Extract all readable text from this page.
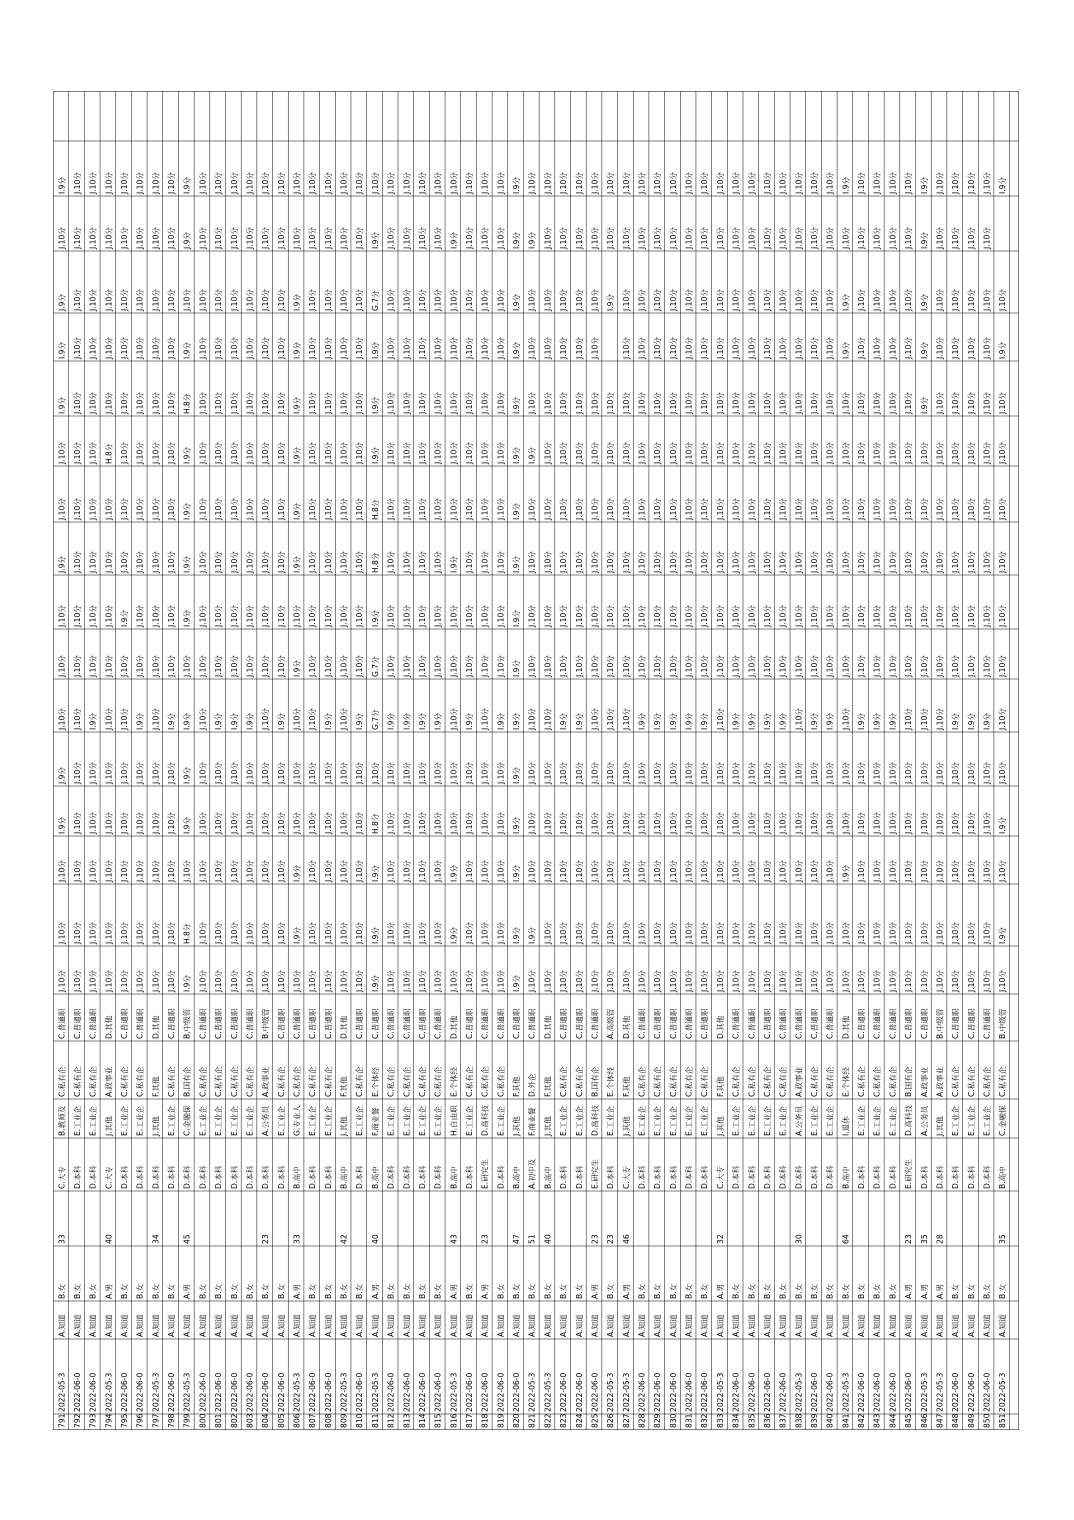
791
2022-05-3
A.知道
B.女
33
C.大专
B.教师及
C.私有企
C.普通职
J.10分
J.10分
J.10分
I.9分
J.9分
J.10分
J.10分
J.10分
J.9分
J.10分
J.10分
I.9分
I.9分
J.9分
J.10分
I.9分
792
2022-06-0
A.知道
B.女
D.本科
E.工业企
C.私有企
C.普通职
J.10分
J.10分
J.10分
J.10分
J.10分
J.10分
J.10分
J.10分
J.10分
J.10分
J.10分
J.10分
J.10分
J.10分
J.10分
J.10分
793
2022-06-0
A.知道
B.女
D.本科
E.工业企
C.私有企
C.普通职
J.10分
J.10分
J.10分
J.10分
J.10分
I.9分
J.10分
J.10分
J.10分
J.10分
J.10分
J.10分
J.10分
J.10分
J.10分
J.10分
794
2022-05-3
A.知道
A.男
40
C.大专
J.其他
A.政事业
D.其他
J.10分
J.10分
J.10分
J.10分
J.10分
J.10分
J.10分
J.10分
J.10分
J.10分
H.8分
J.10分
J.10分
J.10分
J.10分
J.10分
795
2022-06-0
A.知道
B.女
D.本科
E.工业企
C.私有企
C.普通职
J.10分
J.10分
J.10分
J.10分
J.10分
J.10分
J.10分
I.9分
J.10分
J.10分
J.10分
J.10分
J.10分
J.10分
J.10分
J.10分
796
2022-06-0
A.知道
B.女
D.本科
E.工业企
C.私有企
C.普通职
J.10分
J.10分
J.10分
J.10分
J.10分
I.9分
J.10分
J.10分
J.10分
J.10分
J.10分
J.10分
J.10分
J.10分
J.10分
J.10分
797
2022-05-3
A.知道
B.女
34
D.本科
J.其他
F.其他
D.其他
J.10分
J.10分
J.10分
J.10分
J.10分
J.10分
J.10分
J.10分
J.10分
J.10分
J.10分
J.10分
J.10分
J.10分
J.10分
J.10分
798
2022-06-0
A.知道
B.女
D.本科
E.工业企
C.私有企
C.普通职
J.10分
J.10分
J.10分
J.10分
J.10分
I.9分
J.10分
J.10分
J.10分
J.10分
J.10分
J.10分
J.10分
J.10分
J.10分
J.10分
799
2022-05-3
A.知道
A.男
45
D.本科
C.金融保
B.国有企
B.中级管
I.9分
H.8分
J.10分
I.9分
I.9分
I.9分
J.10分
I.9分
I.9分
I.9分
I.9分
H.8分
I.9分
J.10分
J.9分
I.9分
800
2022-06-0
A.知道
B.女
D.本科
E.工业企
C.私有企
C.普通职
J.10分
J.10分
J.10分
J.10分
J.10分
J.10分
J.10分
J.10分
J.10分
J.10分
J.10分
J.10分
J.10分
J.10分
J.10分
J.10分
801
2022-06-0
A.知道
B.女
D.本科
E.工业企
C.私有企
C.普通职
J.10分
J.10分
J.10分
J.10分
J.10分
I.9分
J.10分
J.10分
J.10分
J.10分
J.10分
J.10分
J.10分
J.10分
J.10分
J.10分
802
2022-06-0
A.知道
B.女
D.本科
E.工业企
C.私有企
C.普通职
J.10分
J.10分
J.10分
J.10分
J.10分
I.9分
J.10分
J.10分
J.10分
J.10分
J.10分
J.10分
J.10分
J.10分
J.10分
J.10分
803
2022-06-0
A.知道
B.女
D.本科
E.工业企
C.私有企
C.普通职
J.10分
J.10分
J.10分
J.10分
J.10分
I.9分
J.10分
J.10分
J.10分
J.10分
J.10分
J.10分
J.10分
J.10分
J.10分
J.10分
804
2022-06-0
A.知道
B.女
23
D.本科
A.公务员
A.政事业
B.中级管
J.10分
J.10分
J.10分
J.10分
J.10分
J.10分
J.10分
J.10分
J.10分
J.10分
J.10分
J.10分
J.10分
J.10分
J.10分
J.10分
805
2022-06-0
A.知道
B.女
D.本科
E.工业企
C.私有企
C.普通职
J.10分
J.10分
J.10分
J.10分
J.10分
I.9分
J.10分
J.10分
J.10分
J.10分
J.10分
J.10分
J.10分
J.10分
J.10分
J.10分
806
2022-05-3
A.知道
A.男
33
B.高中
G.专业人
C.私有企
C.普通职
J.10分
I.9分
I.9分
J.10分
J.10分
J.10分
I.9分
J.10分
I.9分
I.9分
I.9分
I.9分
I.9分
I.9分
J.10分
J.10分
807
2022-06-0
A.知道
B.女
D.本科
E.工业企
C.私有企
C.普通职
J.10分
J.10分
J.10分
J.10分
J.10分
J.10分
J.10分
J.10分
J.10分
J.10分
J.10分
J.10分
J.10分
J.10分
J.10分
J.10分
808
2022-06-0
A.知道
B.女
D.本科
E.工业企
C.私有企
C.普通职
J.10分
J.10分
J.10分
J.10分
J.10分
I.9分
J.10分
J.10分
J.10分
J.10分
J.10分
J.10分
J.10分
J.10分
J.10分
J.10分
809
2022-05-3
A.知道
B.女
42
B.高中
J.其他
F.其他
D.其他
J.10分
J.10分
J.10分
J.10分
J.10分
J.10分
J.10分
J.10分
J.10分
J.10分
J.10分
J.10分
J.10分
J.10分
J.10分
J.10分
810
2022-06-0
A.知道
B.女
D.本科
E.工业企
C.私有企
C.普通职
J.10分
J.10分
J.10分
J.10分
J.10分
I.9分
J.10分
J.10分
J.10分
J.10分
J.10分
J.10分
J.10分
J.10分
J.10分
J.10分
811
2022-05-3
A.知道
A.男
40
B.高中
F.商业餐
E.个体经
C.普通职
I.9分
I.9分
I.9分
H.8分
J.10分
G.7分
G.7分
I.9分
H.8分
H.8分
I.9分
I.9分
I.9分
G.7分
I.9分
J.10分
812
2022-06-0
A.知道
B.女
D.本科
E.工业企
C.私有企
C.普通职
J.10分
J.10分
J.10分
J.10分
J.10分
I.9分
J.10分
J.10分
J.10分
J.10分
J.10分
J.10分
J.10分
J.10分
J.10分
J.10分
813
2022-06-0
A.知道
B.女
D.本科
E.工业企
C.私有企
C.普通职
J.10分
J.10分
J.10分
J.10分
J.10分
I.9分
J.10分
J.10分
J.10分
J.10分
J.10分
J.10分
J.10分
J.10分
J.10分
J.10分
814
2022-06-0
A.知道
B.女
D.本科
E.工业企
C.私有企
C.普通职
J.10分
J.10分
J.10分
J.10分
J.10分
I.9分
J.10分
J.10分
J.10分
J.10分
J.10分
J.10分
J.10分
J.10分
J.10分
J.10分
815
2022-06-0
A.知道
B.女
D.本科
E.工业企
C.私有企
C.普通职
J.10分
J.10分
J.10分
J.10分
J.10分
I.9分
J.10分
J.10分
J.10分
J.10分
J.10分
J.10分
J.10分
J.10分
J.10分
J.10分
816
2022-05-3
A.知道
A.男
43
B.高中
H.自由职
E.个体经
D.其他
J.10分
I.9分
I.9分
J.10分
J.10分
J.10分
J.10分
J.10分
I.9分
J.10分
J.10分
J.10分
J.10分
J.10分
I.9分
J.10分
817
2022-06-0
A.知道
B.女
D.本科
E.工业企
C.私有企
C.普通职
J.10分
J.10分
J.10分
J.10分
J.10分
I.9分
J.10分
J.10分
J.10分
J.10分
J.10分
J.10分
J.10分
J.10分
J.10分
J.10分
818
2022-06-0
A.知道
A.男
23
E.研究生
D.高科技
C.私有企
C.普通职
J.10分
J.10分
J.10分
J.10分
J.10分
J.10分
J.10分
J.10分
J.10分
J.10分
J.10分
J.10分
J.10分
J.10分
J.10分
J.10分
819
2022-06-0
A.知道
B.女
D.本科
E.工业企
C.私有企
C.普通职
J.10分
J.10分
J.10分
J.10分
J.10分
I.9分
J.10分
J.10分
J.10分
J.10分
J.10分
J.10分
J.10分
J.10分
J.10分
J.10分
820
2022-06-0
A.知道
B.女
47
B.高中
J.其他
F.其他
C.普通职
I.9分
I.9分
I.9分
I.9分
I.9分
I.9分
I.9分
I.9分
I.9分
I.9分
I.9分
I.9分
I.9分
I.9分
I.9分
I.9分
821
2022-05-3
A.知道
B.女
51
A.初中及
F.商业餐
D.外企
C.普通职
J.10分
I.9分
J.10分
J.10分
J.10分
J.10分
J.10分
J.10分
J.10分
J.10分
I.9分
J.10分
J.10分
J.10分
I.9分
J.10分
822
2022-05-3
A.知道
B.女
40
B.高中
J.其他
F.其他
D.其他
J.10分
J.10分
J.10分
J.10分
J.10分
J.10分
J.10分
J.10分
J.10分
J.10分
J.10分
J.10分
J.10分
J.10分
J.10分
J.10分
823
2022-06-0
A.知道
B.女
D.本科
E.工业企
C.私有企
C.普通职
J.10分
J.10分
J.10分
J.10分
J.10分
I.9分
J.10分
J.10分
J.10分
J.10分
J.10分
J.10分
J.10分
J.10分
J.10分
J.10分
824
2022-06-0
A.知道
B.女
D.本科
E.工业企
C.私有企
C.普通职
J.10分
J.10分
J.10分
J.10分
J.10分
I.9分
J.10分
J.10分
J.10分
J.10分
J.10分
J.10分
J.10分
J.10分
J.10分
J.10分
825
2022-06-0
A.知道
A.男
23
E.研究生
D.高科技
B.国有企
C.普通职
J.10分
J.10分
J.10分
J.10分
J.10分
J.10分
J.10分
J.10分
J.10分
J.10分
J.10分
J.10分
J.10分
J.10分
J.10分
J.10分
826
2022-05-3
A.知道
B.女
23
D.本科
E.工业企
E.个体经
A.高级管
J.10分
J.10分
J.10分
J.10分
J.10分
J.10分
J.10分
J.10分
J.10分
J.10分
J.10分
J.10分
I.9分
J.10分
J.10分
827
2022-05-3
A.知道
A.男
46
C.大专
J.其他
F.其他
D.其他
J.10分
J.10分
J.10分
J.10分
J.10分
J.10分
J.10分
J.10分
J.10分
J.10分
J.10分
J.10分
J.10分
J.10分
J.10分
J.10分
828
2022-06-0
A.知道
B.女
D.本科
E.工业企
C.私有企
C.普通职
J.10分
J.10分
J.10分
J.10分
J.10分
I.9分
J.10分
J.10分
J.10分
J.10分
J.10分
J.10分
J.10分
J.10分
J.10分
J.10分
829
2022-06-0
A.知道
B.女
D.本科
E.工业企
C.私有企
C.普通职
J.10分
J.10分
J.10分
J.10分
J.10分
I.9分
J.10分
J.10分
J.10分
J.10分
J.10分
J.10分
J.10分
J.10分
J.10分
J.10分
830
2022-06-0
A.知道
B.女
D.本科
E.工业企
C.私有企
C.普通职
J.10分
J.10分
J.10分
J.10分
J.10分
I.9分
J.10分
J.10分
J.10分
J.10分
J.10分
J.10分
J.10分
J.10分
J.10分
J.10分
831
2022-06-0
A.知道
B.女
D.本科
E.工业企
C.私有企
C.普通职
J.10分
J.10分
J.10分
J.10分
J.10分
I.9分
J.10分
J.10分
J.10分
J.10分
J.10分
J.10分
J.10分
J.10分
J.10分
J.10分
832
2022-06-0
A.知道
B.女
D.本科
E.工业企
C.私有企
C.普通职
J.10分
J.10分
J.10分
J.10分
J.10分
I.9分
J.10分
J.10分
J.10分
J.10分
J.10分
J.10分
J.10分
J.10分
J.10分
J.10分
833
2022-05-3
A.知道
A.男
32
C.大专
J.其他
F.其他
D.其他
J.10分
J.10分
J.10分
J.10分
J.10分
J.10分
J.10分
J.10分
J.10分
J.10分
J.10分
J.10分
J.10分
J.10分
J.10分
J.10分
834
2022-06-0
A.知道
B.女
D.本科
E.工业企
C.私有企
C.普通职
J.10分
J.10分
J.10分
J.10分
J.10分
I.9分
J.10分
J.10分
J.10分
J.10分
J.10分
J.10分
J.10分
J.10分
J.10分
J.10分
835
2022-06-0
A.知道
B.女
D.本科
E.工业企
C.私有企
C.普通职
J.10分
J.10分
J.10分
J.10分
J.10分
I.9分
J.10分
J.10分
J.10分
J.10分
J.10分
J.10分
J.10分
J.10分
J.10分
J.10分
836
2022-06-0
A.知道
B.女
D.本科
E.工业企
C.私有企
C.普通职
J.10分
J.10分
J.10分
J.10分
J.10分
I.9分
J.10分
J.10分
J.10分
J.10分
J.10分
J.10分
J.10分
J.10分
J.10分
J.10分
837
2022-06-0
A.知道
B.女
D.本科
E.工业企
C.私有企
C.普通职
J.10分
J.10分
J.10分
J.10分
J.10分
I.9分
J.10分
J.10分
J.10分
J.10分
J.10分
J.10分
J.10分
J.10分
J.10分
J.10分
838
2022-05-3
A.知道
B.女
30
D.本科
A.公务员
A.政事业
C.普通职
J.10分
J.10分
J.10分
J.10分
J.10分
J.10分
J.10分
J.10分
J.10分
J.10分
J.10分
J.10分
J.10分
J.10分
J.10分
J.10分
839
2022-06-0
A.知道
B.女
D.本科
E.工业企
C.私有企
C.普通职
J.10分
J.10分
J.10分
J.10分
J.10分
I.9分
J.10分
J.10分
J.10分
J.10分
J.10分
J.10分
J.10分
J.10分
J.10分
J.10分
840
2022-06-0
A.知道
B.女
D.本科
E.工业企
C.私有企
C.普通职
J.10分
J.10分
J.10分
J.10分
J.10分
I.9分
J.10分
J.10分
J.10分
J.10分
J.10分
J.10分
J.10分
J.10分
J.10分
J.10分
841
2022-05-3
A.知道
B.女
64
B.高中
I.退休
E.个体经
D.其他
J.10分
J.10分
I.9分
J.10分
J.10分
J.10分
J.10分
J.10分
J.10分
J.10分
J.10分
J.10分
I.9分
I.9分
J.10分
I.9分
842
2022-06-0
A.知道
B.女
D.本科
E.工业企
C.私有企
C.普通职
J.10分
J.10分
J.10分
J.10分
J.10分
I.9分
J.10分
J.10分
J.10分
J.10分
J.10分
J.10分
J.10分
J.10分
J.10分
J.10分
843
2022-06-0
A.知道
B.女
D.本科
E.工业企
C.私有企
C.普通职
J.10分
J.10分
J.10分
J.10分
J.10分
I.9分
J.10分
J.10分
J.10分
J.10分
J.10分
J.10分
J.10分
J.10分
J.10分
J.10分
844
2022-06-0
A.知道
B.女
D.本科
E.工业企
C.私有企
C.普通职
J.10分
J.10分
J.10分
J.10分
J.10分
I.9分
J.10分
J.10分
J.10分
J.10分
J.10分
J.10分
J.10分
J.10分
J.10分
J.10分
845
2022-06-0
A.知道
A.男
23
E.研究生
D.高科技
B.国有企
C.普通职
J.10分
J.10分
J.10分
J.10分
J.10分
J.10分
J.10分
J.10分
J.10分
J.10分
J.10分
J.10分
J.10分
J.10分
J.10分
J.10分
846
2022-05-3
A.知道
A.男
35
D.本科
A.公务员
A.政事业
C.普通职
J.10分
J.10分
J.10分
J.10分
J.10分
J.10分
J.10分
J.10分
J.10分
J.10分
J.10分
I.9分
I.9分
I.9分
I.9分
I.9分
847
2022-05-3
A.知道
A.男
28
D.本科
J.其他
A.政事业
B.中级管
J.10分
J.10分
J.10分
J.10分
J.10分
J.10分
J.10分
J.10分
J.10分
J.10分
J.10分
J.10分
J.10分
J.10分
J.10分
J.10分
848
2022-06-0
A.知道
B.女
D.本科
E.工业企
C.私有企
C.普通职
J.10分
J.10分
J.10分
J.10分
J.10分
I.9分
J.10分
J.10分
J.10分
J.10分
J.10分
J.10分
J.10分
J.10分
J.10分
J.10分
849
2022-06-0
A.知道
B.女
D.本科
E.工业企
C.私有企
C.普通职
J.10分
J.10分
J.10分
J.10分
J.10分
I.9分
J.10分
J.10分
J.10分
J.10分
J.10分
J.10分
J.10分
J.10分
J.10分
J.10分
850
2022-06-0
A.知道
B.女
D.本科
E.工业企
C.私有企
C.普通职
J.10分
J.10分
J.10分
J.10分
J.10分
I.9分
J.10分
J.10分
J.10分
J.10分
J.10分
J.10分
J.10分
J.10分
J.10分
J.10分
851
2022-05-3
A.知道
B.女
35
B.高中
C.金融保
C.私有企
B.中级管
J.10分
I.9分
J.10分
I.9分
J.10分
J.10分
J.10分
J.10分
J.10分
J.10分
J.10分
J.10分
I.9分
J.10分
I.9分
